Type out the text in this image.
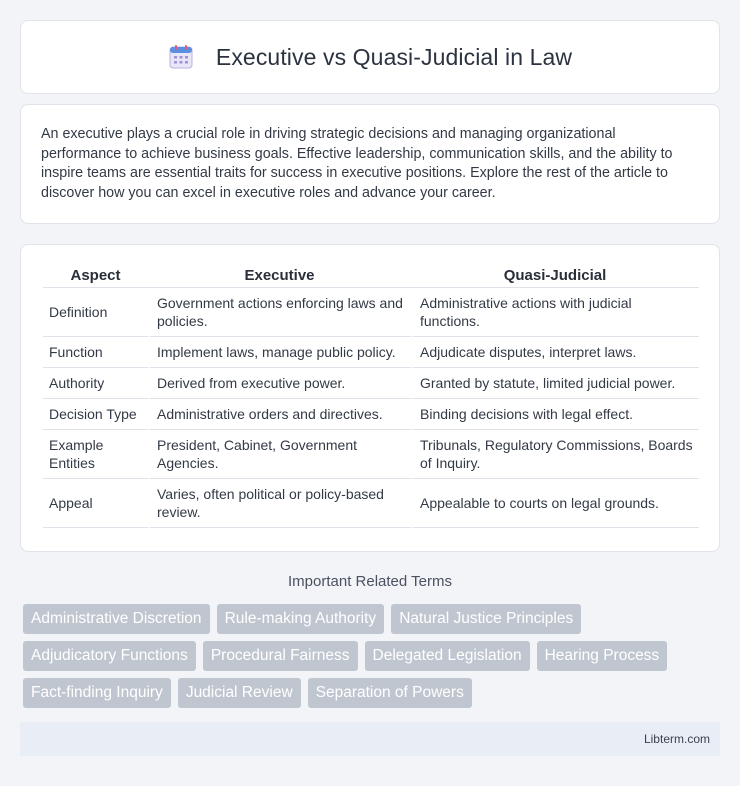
Executive vs Quasi-Judicial in Law

An executive plays a crucial role in driving strategic decisions and managing organizational performance to achieve business goals. Effective leadership, communication skills, and the ability to inspire teams are essential traits for success in executive positions. Explore the rest of the article to discover how you can excel in executive roles and advance your career.

Aspect	Executive	Quasi-Judicial
Definition	Government actions enforcing laws and policies.	Administrative actions with judicial functions.
Function	Implement laws, manage public policy.	Adjudicate disputes, interpret laws.
Authority	Derived from executive power.	Granted by statute, limited judicial power.
Decision Type	Administrative orders and directives.	Binding decisions with legal effect.
Example Entities	President, Cabinet, Government Agencies.	Tribunals, Regulatory Commissions, Boards of Inquiry.
Appeal	Varies, often political or policy-based review.	Appealable to courts on legal grounds.
Important Related Terms
Administrative Discretion	Rule-making Authority	Natural Justice Principles
Adjudicatory Functions	Procedural Fairness	Delegated Legislation	Hearing Process
Fact-finding Inquiry	Judicial Review	Separation of Powers
Libterm.com
